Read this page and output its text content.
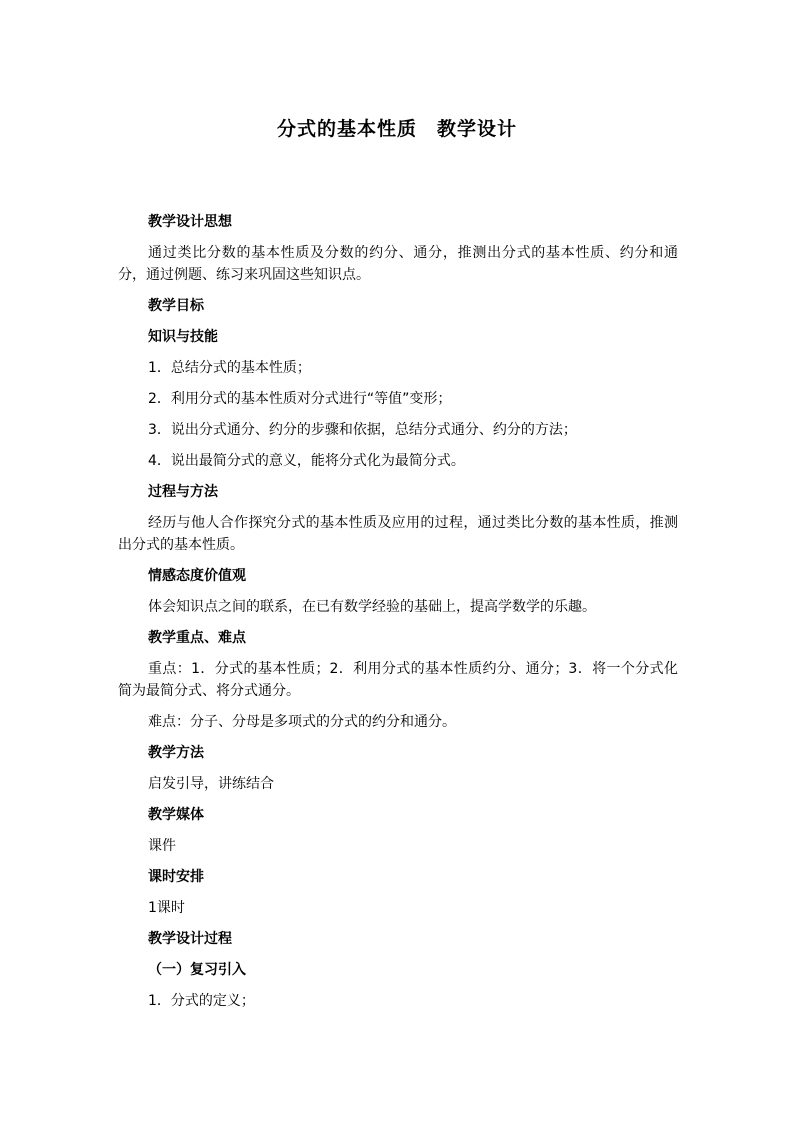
分式的基本性质　教学设计
教学设计思想

通过类比分数的基本性质及分数的约分、通分，推测出分式的基本性质、约分和通分，通过例题、练习来巩固这些知识点。

教学目标
知识与技能

1．总结分式的基本性质；

2．利用分式的基本性质对分式进行“等值”变形；

3．说出分式通分、约分的步骤和依据，总结分式通分、约分的方法；

4．说出最简分式的意义，能将分式化为最简分式。

过程与方法

经历与他人合作探究分式的基本性质及应用的过程，通过类比分数的基本性质，推测出分式的基本性质。

情感态度价值观

体会知识点之间的联系，在已有数学经验的基础上，提高学数学的乐趣。

教学重点、难点

重点：1．分式的基本性质；2．利用分式的基本性质约分、通分；3．将一个分式化简为最简分式、将分式通分。

难点：分子、分母是多项式的分式的约分和通分。

教学方法

启发引导，讲练结合

教学媒体

课件

课时安排

1课时

教学设计过程
（一）复习引入

1．分式的定义；
